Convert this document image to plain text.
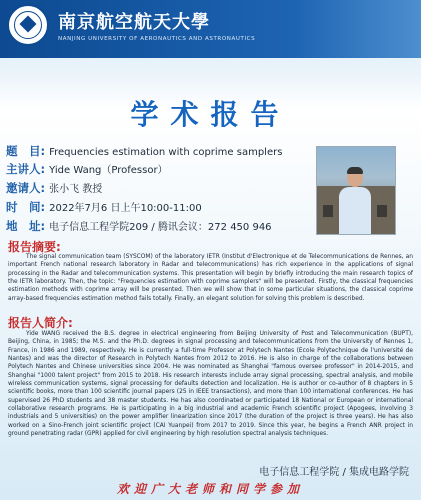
南京航空航天大學
NANJING UNIVERSITY OF AERONAUTICS AND ASTRONAUTICS
学术报告
题　目: Frequencies estimation with coprime samplers
主讲人: Yide Wang（Professor）
邀请人: 张小飞 教授
时　间: 2022年7月6 日上午10:00-11:00
地　址: 电子信息工程学院209 / 腾讯会议：272 450 946
报告摘要:

The signal communication team (SYSCOM) of the laboratory IETR (Institut d'Electronique et de Telecommunications de Rennes, an important French national research laboratory in Radar and telecommunications) has rich experience in the applications of signal processing in the Radar and telecommunication systems. This presentation will begin by briefly introducing the main research topics of the IETR laboratory. Then, the topic: "Frequencies estimation with coprime samplers" will be presented. Firstly, the classical frequencies estimation methods with coprime array will be presented. Then we will show that in some particular situations, the classical coprime array-based frequencies estimation method fails totally. Finally, an elegant solution for solving this problem is described.

报告人简介:

Yide WANG received the B.S. degree in electrical engineering from Beijing University of Post and Telecommunication (BUPT), Beijing, China, in 1985; the M.S. and the Ph.D. degrees in signal processing and telecommunications from the University of Rennes 1, France, in 1986 and 1989, respectively. He is currently a full-time Professor at Polytech Nantes (Ecole Polytechnique de l'université de Nantes) and was the director of Research in Polytech Nantes from 2012 to 2016. He is also in charge of the collaborations between Polytech Nantes and Chinese universities since 2004. He was nominated as Shanghai "famous oversee professor" in 2014-2015, and Shanghai "1000 talent project" from 2015 to 2018. His research interests include array signal processing, spectral analysis, and mobile wireless communication systems, signal processing for defaults detection and localization. He is author or co-author of 8 chapters in 5 scientific books, more than 100 scientific journal papers (25 in IEEE transactions), and more than 100 international conferences. He has supervised 26 PhD students and 38 master students. He has also coordinated or participated 18 National or European or international collaborative research programs. He is participating in a big industrial and academic French scientific project (Apogees, involving 3 industrials and 5 universities) on the power amplifier linearization since 2017 (the duration of the project is three years). He has also worked on a Sino-French joint scientific project (CAI Yuanpei) from 2017 to 2019. Since this year, he begins a French ANR project in ground penetrating radar (GPR) applied for civil engineering by high resolution spectral analysis techniques.

电子信息工程学院 / 集成电路学院
欢迎广大老师和同学参加
